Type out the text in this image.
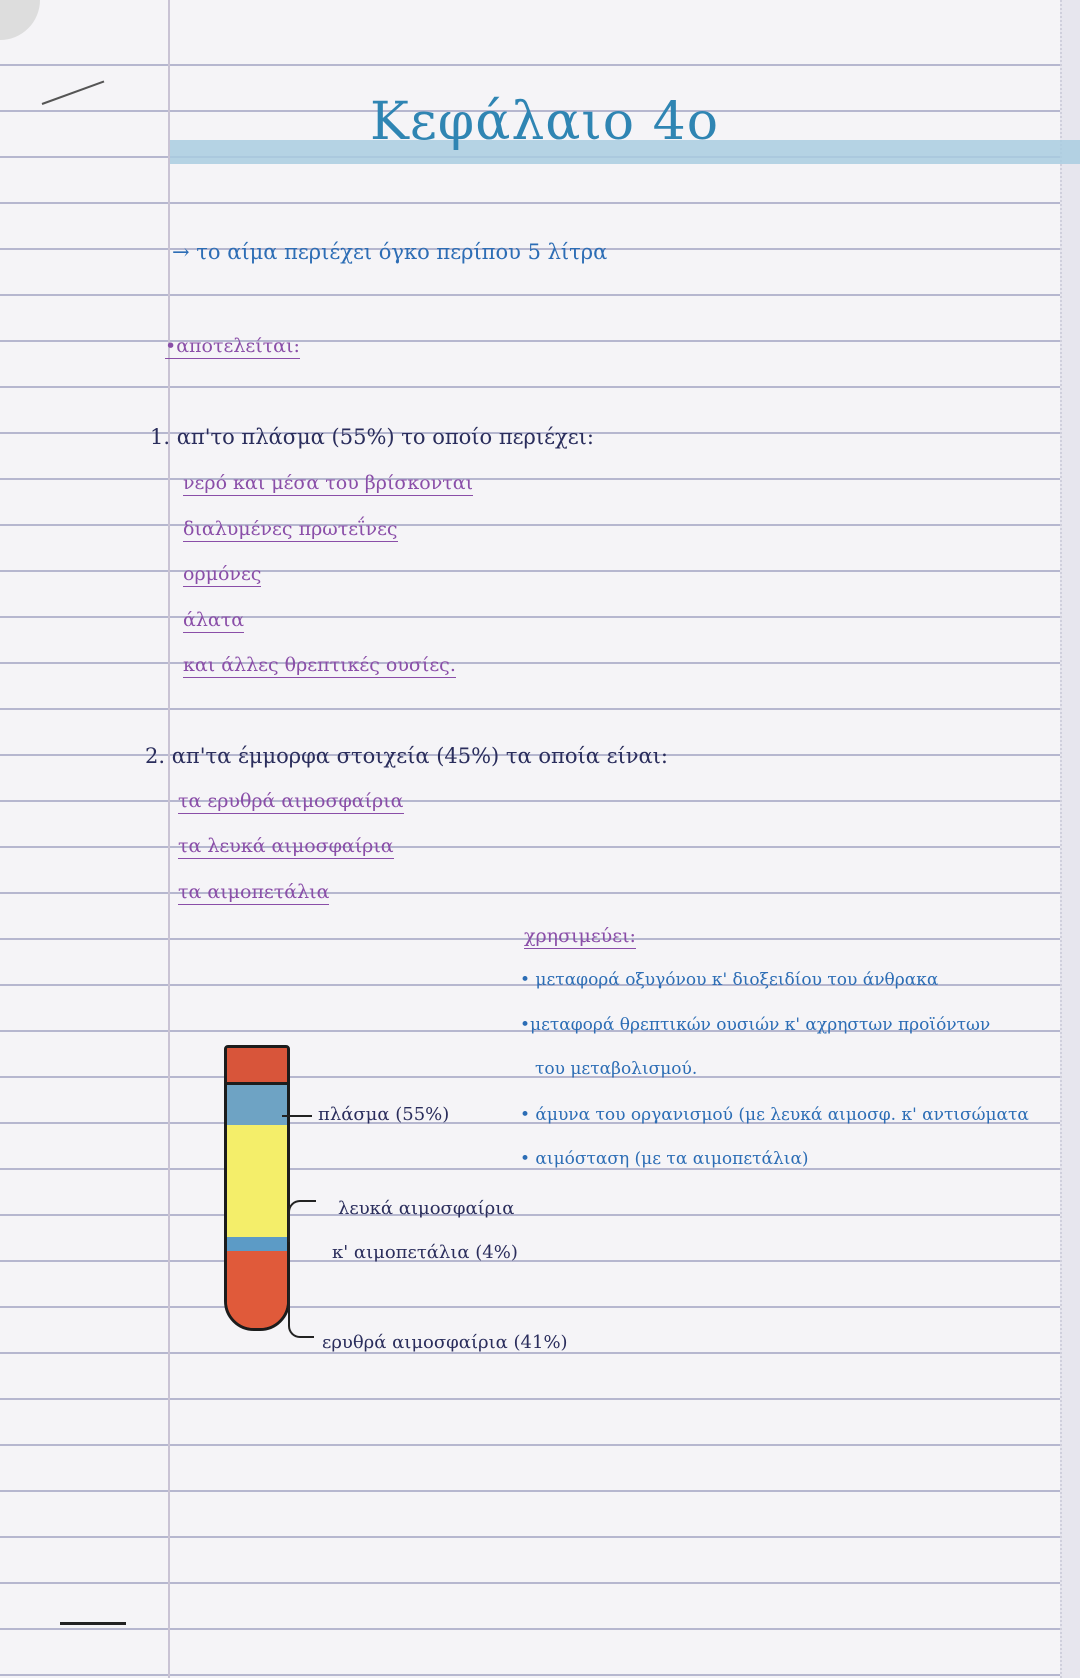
Κεφάλαιο 4ο
→ το αίμα περιέχει όγκο περίπου 5 λίτρα
•αποτελείται:
1. απ'το πλάσμα (55%) το οποίο περιέχει:
νερό και μέσα του βρίσκονται
διαλυμένες πρωτεΐνες
ορμόνες
άλατα
και άλλες θρεπτικές ουσίες.
2. απ'τα έμμορφα στοιχεία (45%) τα οποία είναι:
τα ερυθρά αιμοσφαίρια
τα λευκά αιμοσφαίρια
τα αιμοπετάλια
χρησιμεύει:
• μεταφορά οξυγόνου κ' διοξειδίου του άνθρακα
•μεταφορά θρεπτικών ουσιών κ' αχρηστων προϊόντων
του μεταβολισμού.
• άμυνα του οργανισμού (με λευκά αιμοσφ. κ' αντισώματα
• αιμόσταση (με τα αιμοπετάλια)
πλάσμα (55%)
λευκά αιμοσφαίρια
κ' αιμοπετάλια (4%)
ερυθρά αιμοσφαίρια (41%)
